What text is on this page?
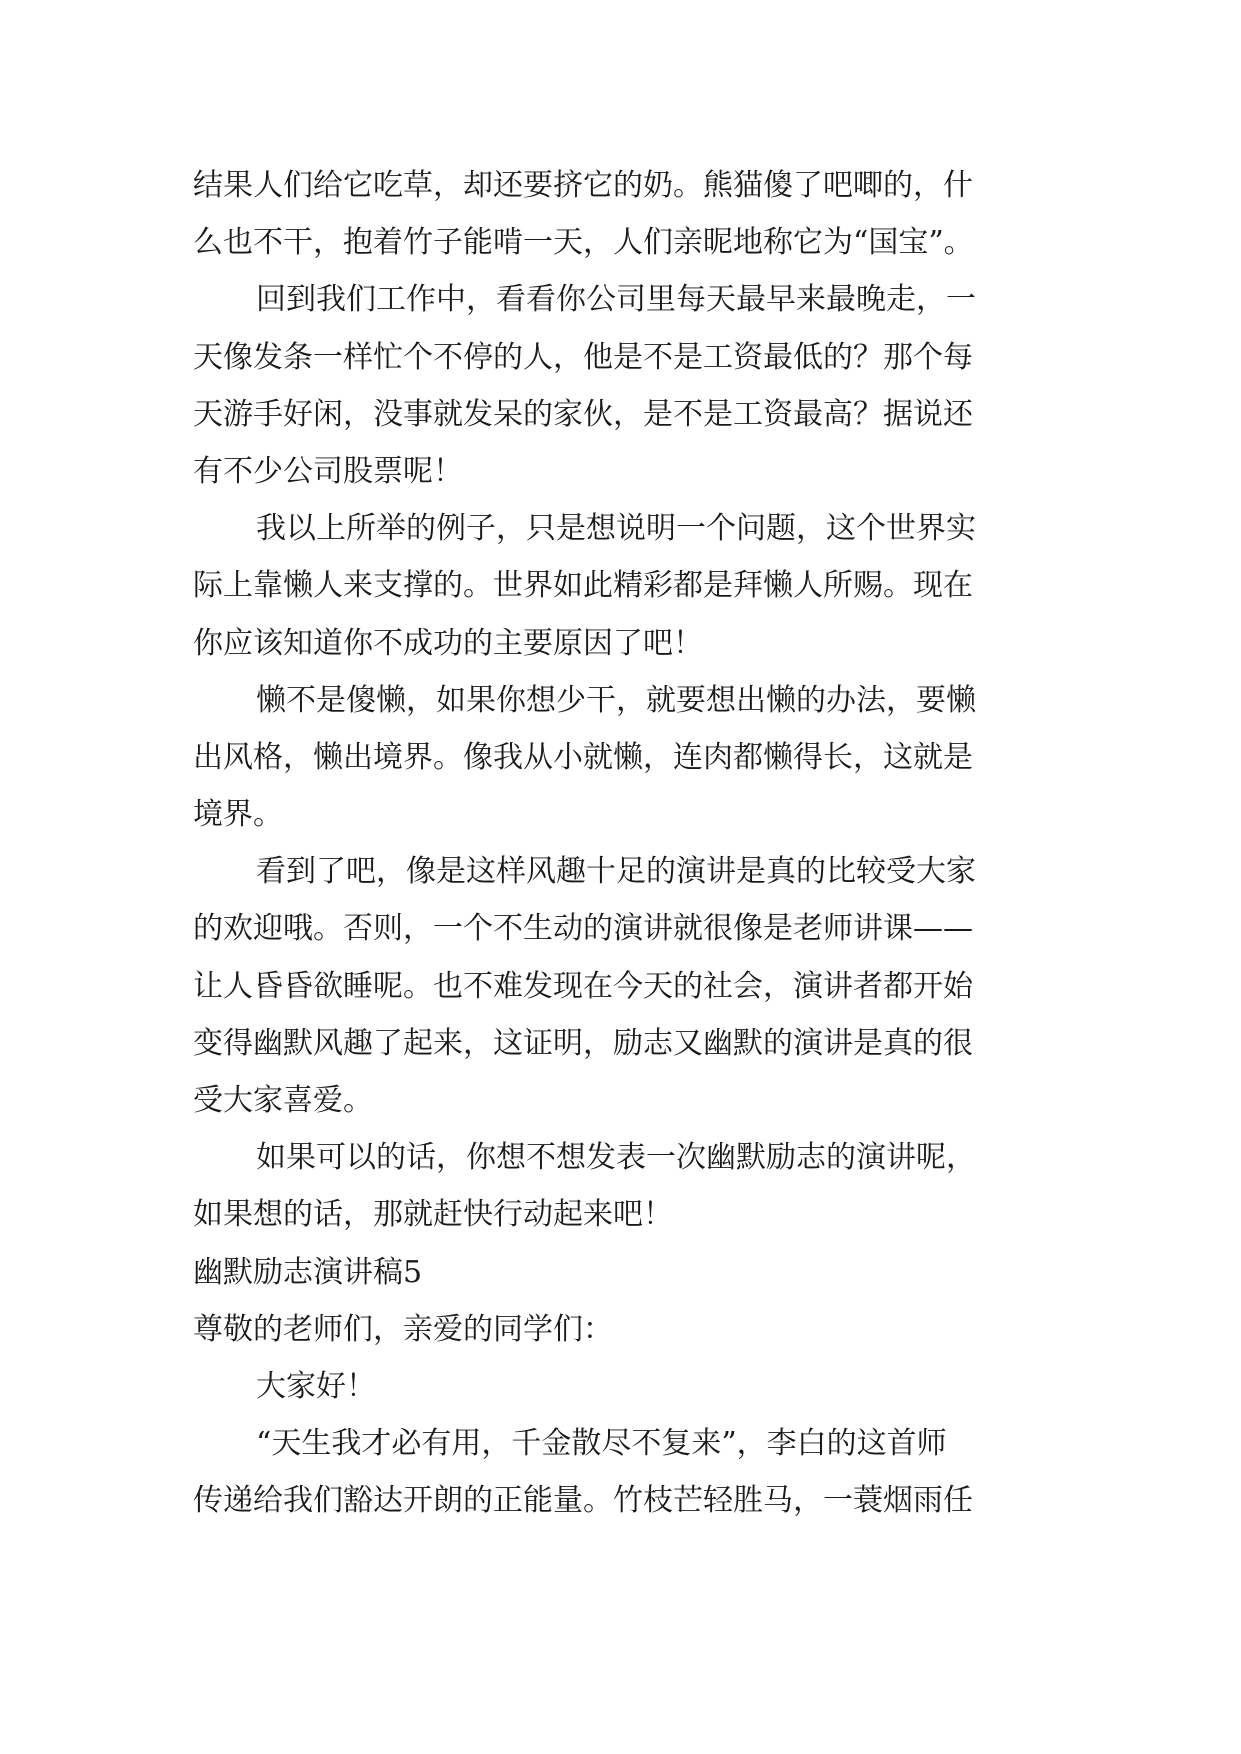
结果人们给它吃草，却还要挤它的奶。熊猫傻了吧唧的，什
么也不干，抱着竹子能啃一天，人们亲昵地称它为“国宝”。
回到我们工作中，看看你公司里每天最早来最晚走，一
天像发条一样忙个不停的人，他是不是工资最低的？那个每
天游手好闲，没事就发呆的家伙，是不是工资最高？据说还
有不少公司股票呢！
我以上所举的例子，只是想说明一个问题，这个世界实
际上靠懒人来支撑的。世界如此精彩都是拜懒人所赐。现在
你应该知道你不成功的主要原因了吧！
懒不是傻懒，如果你想少干，就要想出懒的办法，要懒
出风格，懒出境界。像我从小就懒，连肉都懒得长，这就是
境界。
看到了吧，像是这样风趣十足的演讲是真的比较受大家
的欢迎哦。否则，一个不生动的演讲就很像是老师讲课——
让人昏昏欲睡呢。也不难发现在今天的社会，演讲者都开始
变得幽默风趣了起来，这证明，励志又幽默的演讲是真的很
受大家喜爱。
如果可以的话，你想不想发表一次幽默励志的演讲呢，
如果想的话，那就赶快行动起来吧！
幽默励志演讲稿5
尊敬的老师们，亲爱的同学们：
大家好！
“天生我才必有用，千金散尽不复来”，李白的这首师
传递给我们豁达开朗的正能量。竹枝芒轻胜马，一蓑烟雨任
